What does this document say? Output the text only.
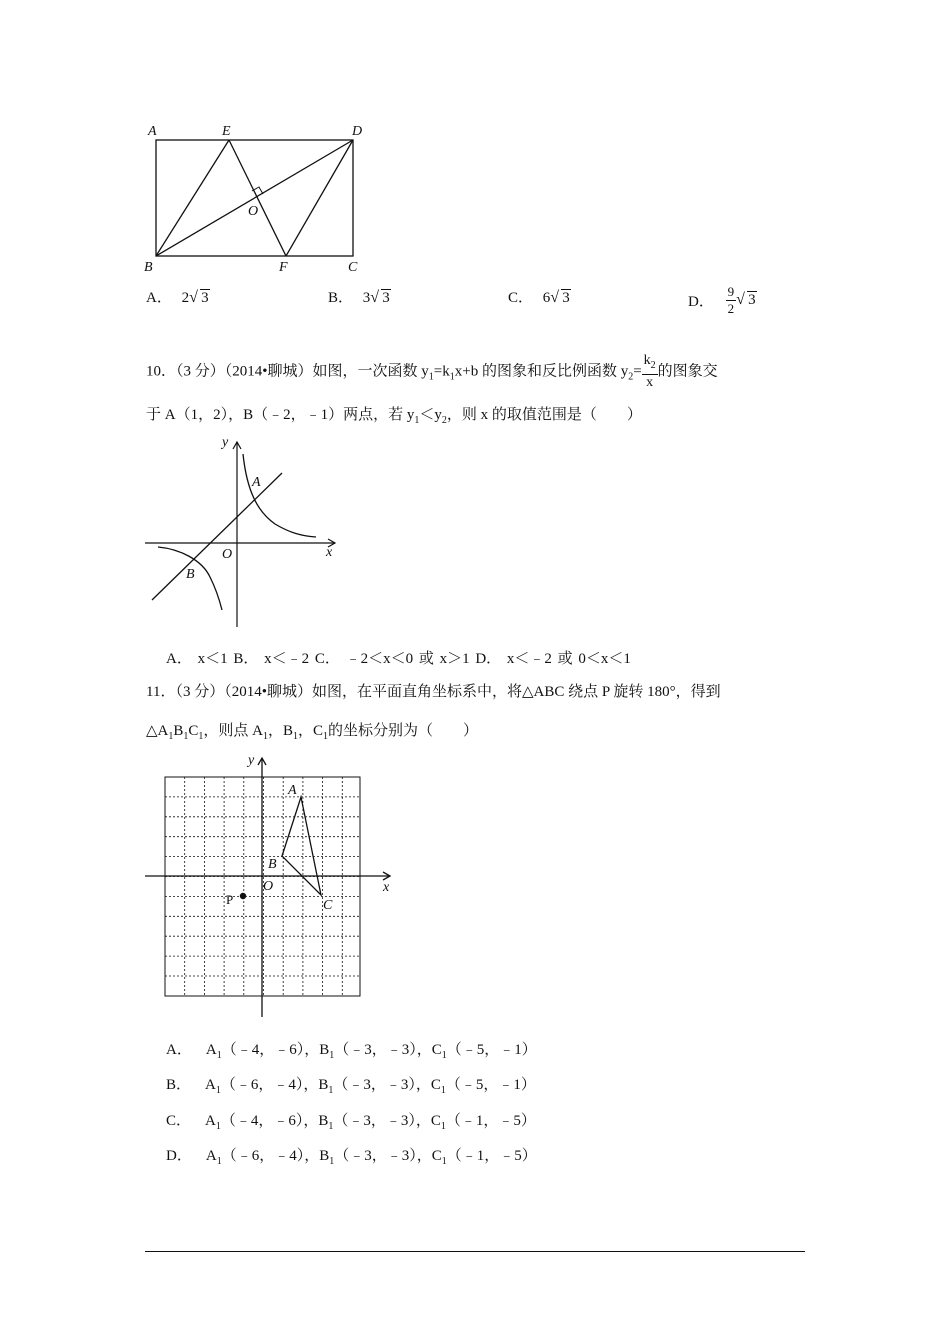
A	E	D
O
B	F	C
A． 2 √ 3	B． 3 √ 3	C． 6 √ 3	D． $\frac{9}{2}$ √ 3
10．（3 分）（2014•聊城）如图，一次函数 $y_1=k_1x+b$ 的图象和反比例函数 $y_2= \frac{k_2}{x}$ 的图象交
于 A（1，2），B（﹣2，﹣1）两点，若 $y_1<y_2$，则 x 的取值范围是（　　）
y
x
O
A
B
A． x＜1 B． x＜﹣2 C． ﹣2＜x＜0 或 x＞1 D． x＜﹣2 或 0＜x＜1
11．（3 分）（2014•聊城）如图，在平面直角坐标系中，将△ABC 绕点 P 旋转 180°，得到
$\triangle A_1B_1C_1$，则点 $A_1$，$B_1$，$C_1$的坐标分别为（　　）
y
x
O
A
B
C
P
A． $A_1(﹣4$，﹣6），$B_1(﹣3$，﹣3），$C_1(﹣5$，﹣1）
B． $A_1(﹣6$，﹣4），$B_1(﹣3$，﹣3），$C_1(﹣5$，﹣1）
C． $A_1(﹣4$，﹣6），$B_1(﹣3$，﹣3），$C_1(﹣1$，﹣5）
D． $A_1(﹣6$，﹣4），$B_1(﹣3$，﹣3），$C_1(﹣1$，﹣5）
